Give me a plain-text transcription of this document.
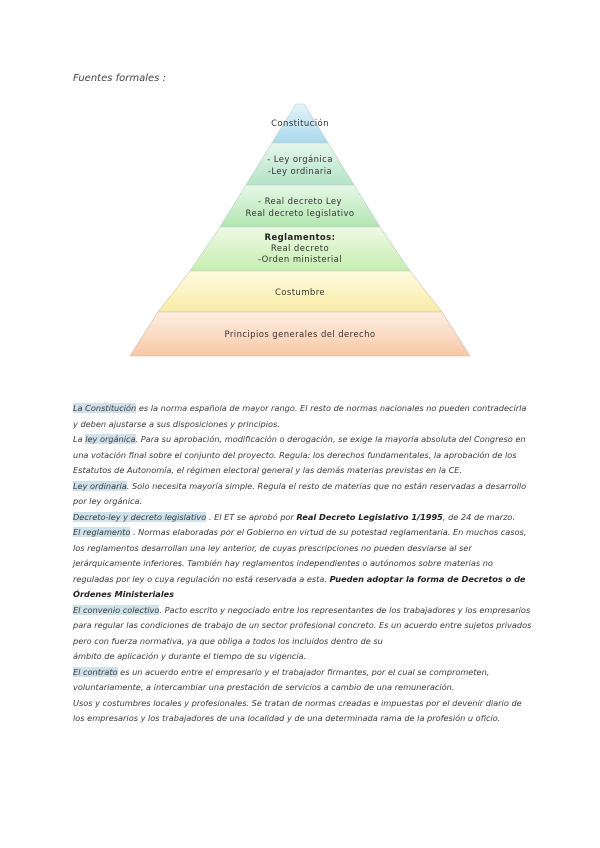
Fuentes formales :
Constitución
- Ley orgánica
-Ley ordinaria
- Real decreto Ley
Real decreto legislativo
Reglamentos:
Real decreto
-Orden ministerial
Costumbre
Principios generales del derecho

La Constitución es la norma española de mayor rango. El resto de normas nacionales no pueden contradecirla y deben ajustarse a sus disposiciones y principios.

La ley orgánica. Para su aprobación, modificación o derogación, se exige la mayoría absoluta del Congreso en una votación final sobre el conjunto del proyecto. Regula: los derechos fundamentales, la aprobación de los Estatutos de Autonomía, el régimen electoral general y las demás materias previstas en la CE.

Ley ordinaria. Solo necesita mayoría simple. Regula el resto de materias que no están reservadas a desarrollo por ley orgánica.

Decreto-ley y decreto legislativo . El ET se aprobó por Real Decreto Legislativo 1/1995, de 24 de marzo.

El reglamento . Normas elaboradas por el Gobierno en virtud de su potestad reglamentaria. En muchos casos, los reglamentos desarrollan una ley anterior, de cuyas prescripciones no pueden desviarse al ser jerárquicamente inferiores. También hay reglamentos independientes o autónomos sobre materias no reguladas por ley o cuya regulación no está reservada a esta. Pueden adoptar la forma de Decretos o de Órdenes Ministeriales

El convenio colectivo. Pacto escrito y negociado entre los representantes de los trabajadores y los empresarios para regular las condiciones de trabajo de un sector profesional concreto. Es un acuerdo entre sujetos privados pero con fuerza normativa, ya que obliga a todos los incluidos dentro de su
ámbito de aplicación y durante el tiempo de su vigencia.

El contrato es un acuerdo entre el empresario y el trabajador firmantes, por el cual se comprometen, voluntariamente, a intercambiar una prestación de servicios a cambio de una remuneración.

Usos y costumbres locales y profesionales. Se tratan de normas creadas e impuestas por el devenir diario de los empresarios y los trabajadores de una localidad y de una determinada rama de la profesión u oficio.
